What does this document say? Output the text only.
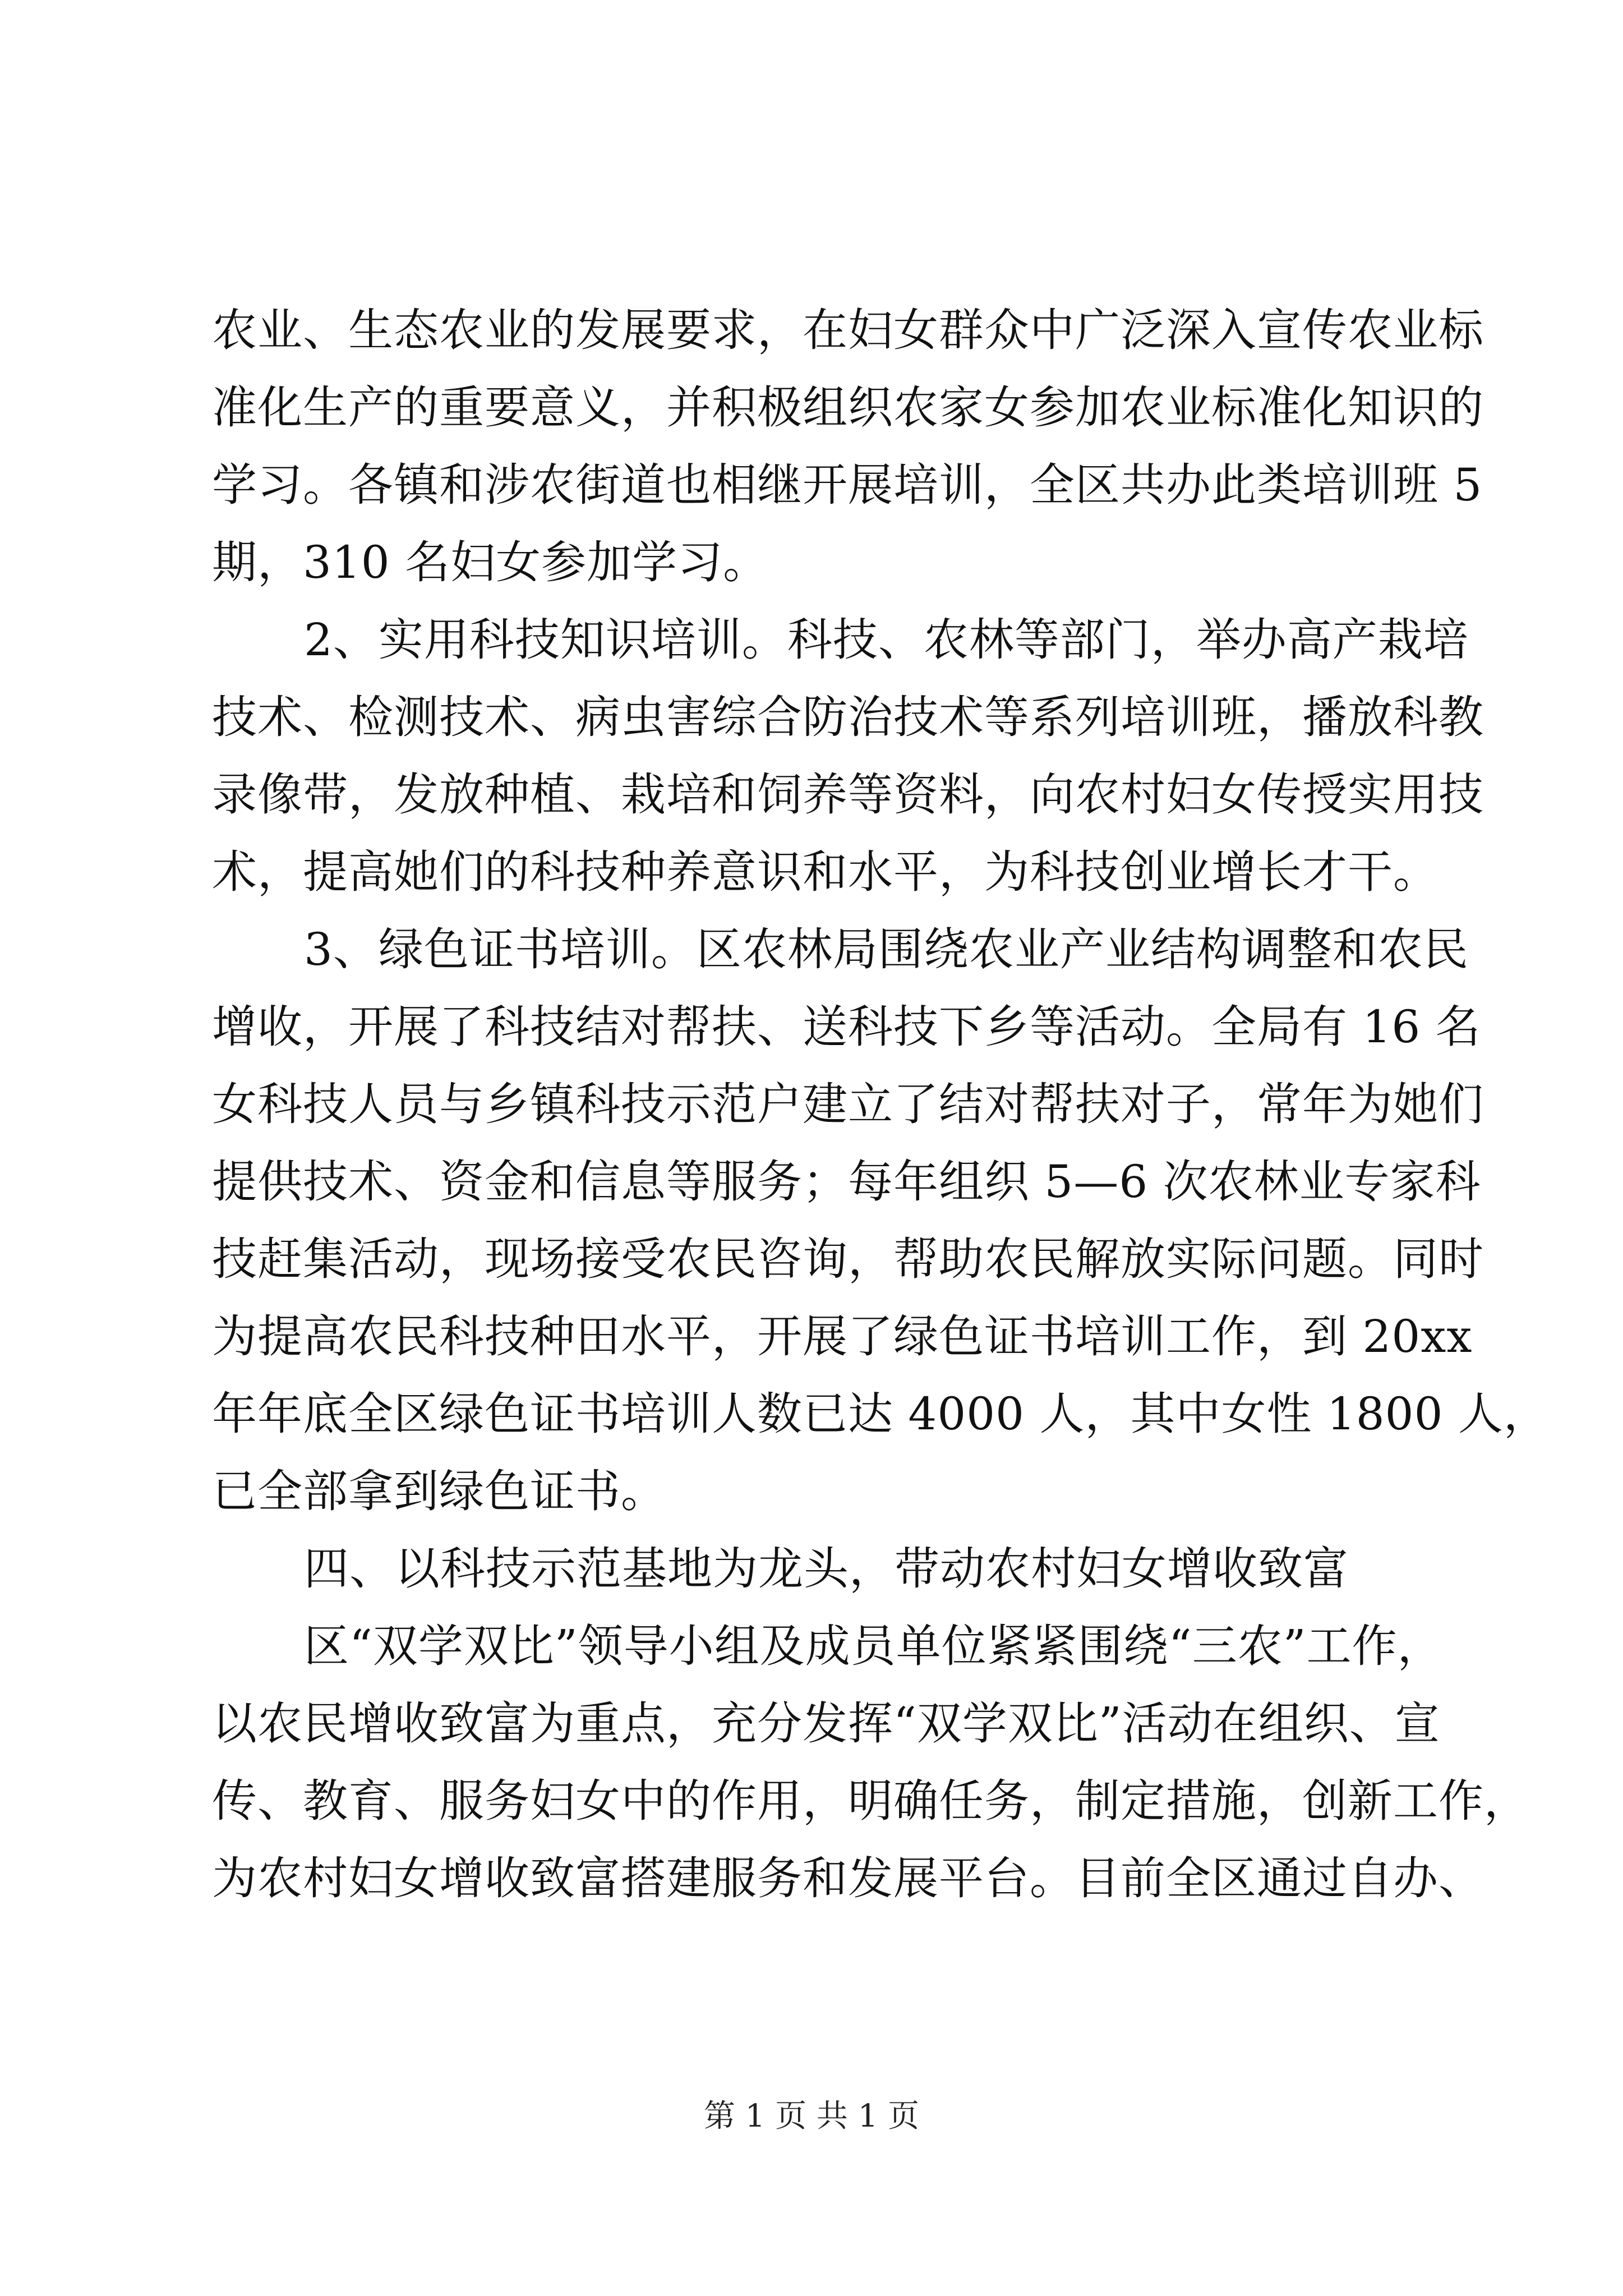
农业、生态农业的发展要求，在妇女群众中广泛深入宣传农业标
准化生产的重要意义，并积极组织农家女参加农业标准化知识的
学习。各镇和涉农街道也相继开展培训，全区共办此类培训班 5
期，310 名妇女参加学习。
2、实用科技知识培训。科技、农林等部门，举办高产栽培
技术、检测技术、病虫害综合防治技术等系列培训班，播放科教
录像带，发放种植、栽培和饲养等资料，向农村妇女传授实用技
术，提高她们的科技种养意识和水平，为科技创业增长才干。
3、绿色证书培训。区农林局围绕农业产业结构调整和农民
增收，开展了科技结对帮扶、送科技下乡等活动。全局有 16 名
女科技人员与乡镇科技示范户建立了结对帮扶对子，常年为她们
提供技术、资金和信息等服务；每年组织 5—6 次农林业专家科
技赶集活动，现场接受农民咨询，帮助农民解放实际问题。同时
为提高农民科技种田水平，开展了绿色证书培训工作，到 20xx
年年底全区绿色证书培训人数已达 4000 人，其中女性 1800 人，
已全部拿到绿色证书。
四、以科技示范基地为龙头，带动农村妇女增收致富
区“双学双比”领导小组及成员单位紧紧围绕“三农”工作，
以农民增收致富为重点，充分发挥“双学双比”活动在组织、宣
传、教育、服务妇女中的作用，明确任务，制定措施，创新工作，
为农村妇女增收致富搭建服务和发展平台。目前全区通过自办、
第 1 页 共 1 页
